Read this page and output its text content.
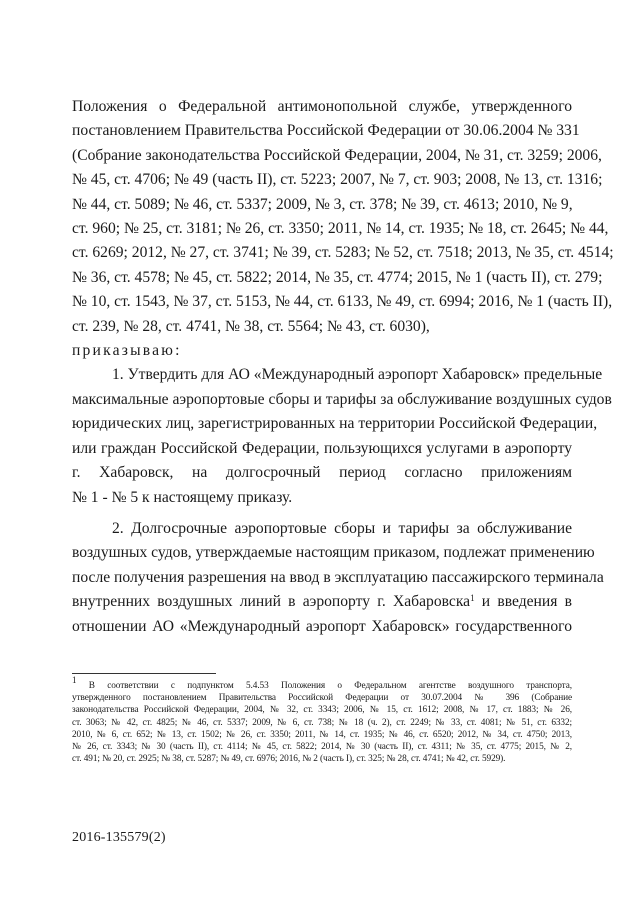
Положения о Федеральной антимонопольной службе, утвержденного
постановлением Правительства Российской Федерации от 30.06.2004 № 331
(Собрание законодательства Российской Федерации, 2004, № 31, ст. 3259; 2006,
№ 45, ст. 4706; № 49 (часть II), ст. 5223; 2007, № 7, ст. 903; 2008, № 13, ст. 1316;
№ 44, ст. 5089; № 46, ст. 5337; 2009, № 3, ст. 378; № 39, ст. 4613; 2010, № 9,
ст. 960; № 25, ст. 3181; № 26, ст. 3350; 2011, № 14, ст. 1935; № 18, ст. 2645; № 44,
ст. 6269; 2012, № 27, ст. 3741; № 39, ст. 5283; № 52, ст. 7518; 2013, № 35, ст. 4514;
№ 36, ст. 4578; № 45, ст. 5822; 2014, № 35, ст. 4774; 2015, № 1 (часть II), ст. 279;
№ 10, ст. 1543, № 37, ст. 5153, № 44, ст. 6133, № 49, ст. 6994; 2016, № 1 (часть II),
ст. 239, № 28, ст. 4741, № 38, ст. 5564; № 43, ст. 6030),

приказываю:

1. Утвердить для АО «Международный аэропорт Хабаровск» предельные
максимальные аэропортовые сборы и тарифы за обслуживание воздушных судов
юридических лиц, зарегистрированных на территории Российской Федерации,
или граждан Российской Федерации, пользующихся услугами в аэропорту
г. Хабаровск, на долгосрочный период согласно приложениям
№ 1 - № 5 к настоящему приказу.

2. Долгосрочные аэропортовые сборы и тарифы за обслуживание
воздушных судов, утверждаемые настоящим приказом, подлежат применению
после получения разрешения на ввод в эксплуатацию пассажирского терминала
внутренних воздушных линий в аэропорту г. Хабаровска$^1$ и введения в
отношении АО «Международный аэропорт Хабаровск» государственного

$^1$ В соответствии с подпунктом 5.4.53 Положения о Федеральном агентстве воздушного транспорта,
утвержденного постановлением Правительства Российской Федерации от 30.07.2004 № 396 (Собрание
законодательства Российской Федерации, 2004, № 32, ст. 3343; 2006, № 15, ст. 1612; 2008, № 17, ст. 1883; № 26,
ст. 3063; № 42, ст. 4825; № 46, ст. 5337; 2009, № 6, ст. 738; № 18 (ч. 2), ст. 2249; № 33, ст. 4081; № 51, ст. 6332;
2010, № 6, ст. 652; № 13, ст. 1502; № 26, ст. 3350; 2011, № 14, ст. 1935; № 46, ст. 6520; 2012, № 34, ст. 4750; 2013,
№ 26, ст. 3343; № 30 (часть II), ст. 4114; № 45, ст. 5822; 2014, № 30 (часть II), ст. 4311; № 35, ст. 4775; 2015, № 2,
ст. 491; № 20, ст. 2925; № 38, ст. 5287; № 49, ст. 6976; 2016, № 2 (часть I), ст. 325; № 28, ст. 4741; № 42, ст. 5929).
2016-135579(2)
